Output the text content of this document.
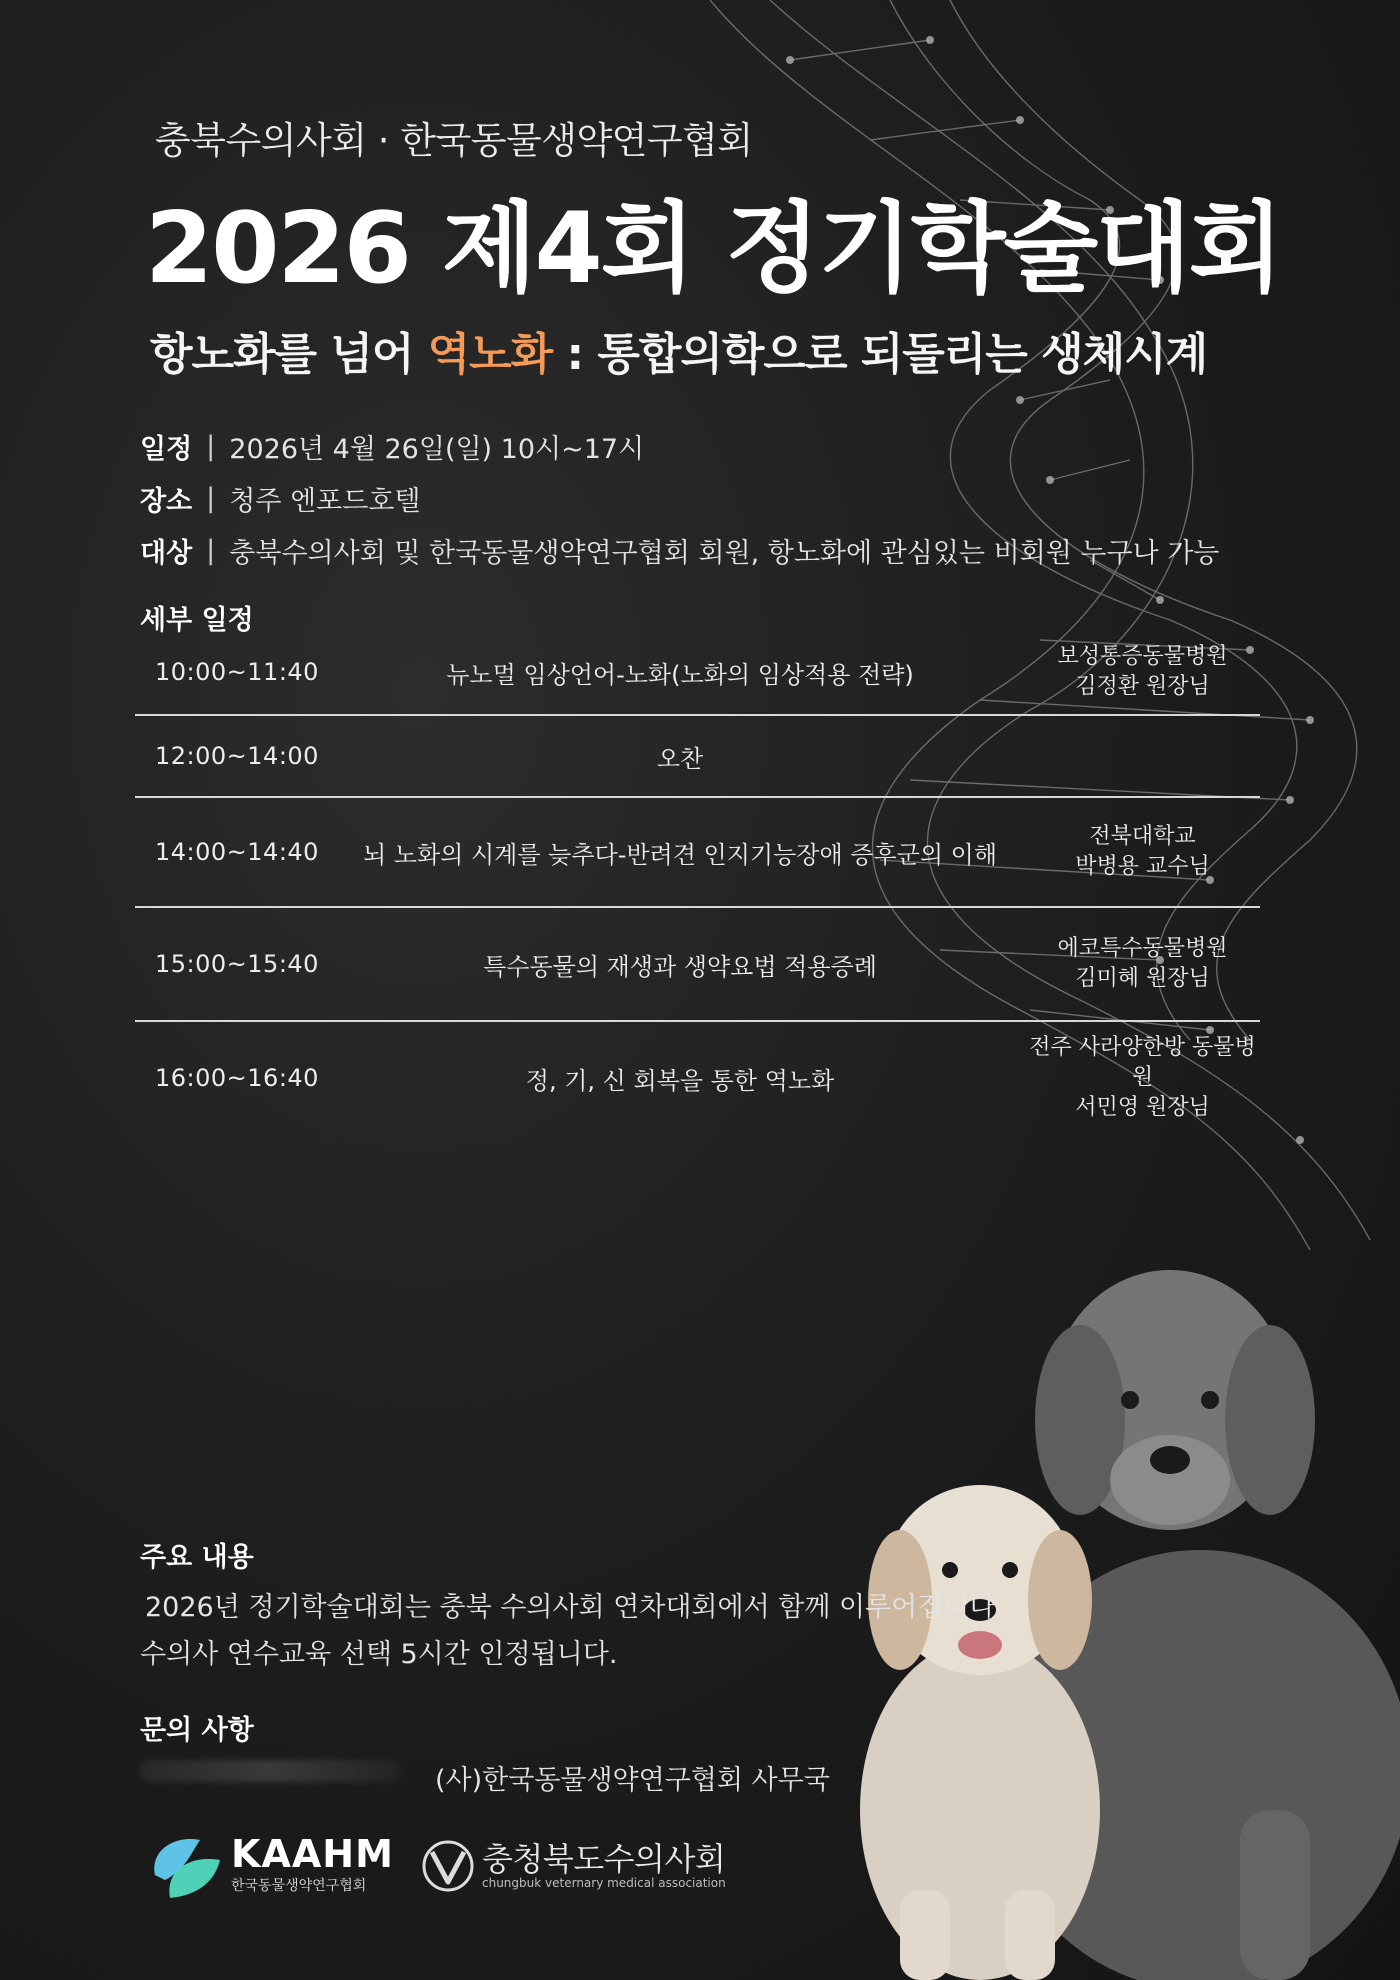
충북수의사회 · 한국동물생약연구협회
2026 제4회 정기학술대회
항노화를 넘어 역노화 : 통합의학으로 되돌리는 생체시계
일정 | 2026년 4월 26일(일) 10시~17시
장소 | 청주 엔포드호텔
대상 | 충북수의사회 및 한국동물생약연구협회 회원, 항노화에 관심있는 비회원 누구나 가능
세부 일정
10:00~11:40	뉴노멀 임상언어-노화(노화의 임상적용 전략)
보성통증동물병원
김정환 원장님
12:00~14:00	오찬
14:00~14:40	뇌 노화의 시계를 늦추다-반려견 인지기능장애 증후군의 이해
전북대학교
박병용 교수님
15:00~15:40	특수동물의 재생과 생약요법 적용증례
에코특수동물병원
김미혜 원장님
16:00~16:40	정, 기, 신 회복을 통한 역노화
전주 사라양한방 동물병원
서민영 원장님
주요 내용
2026년 정기학술대회는 충북 수의사회 연차대회에서 함께 이루어집니다.
수의사 연수교육 선택 5시간 인정됩니다.
문의 사항
(사)한국동물생약연구협회 사무국
KAAHM
한국동물생약연구협회
충청북도수의사회
chungbuk veternary medical association
